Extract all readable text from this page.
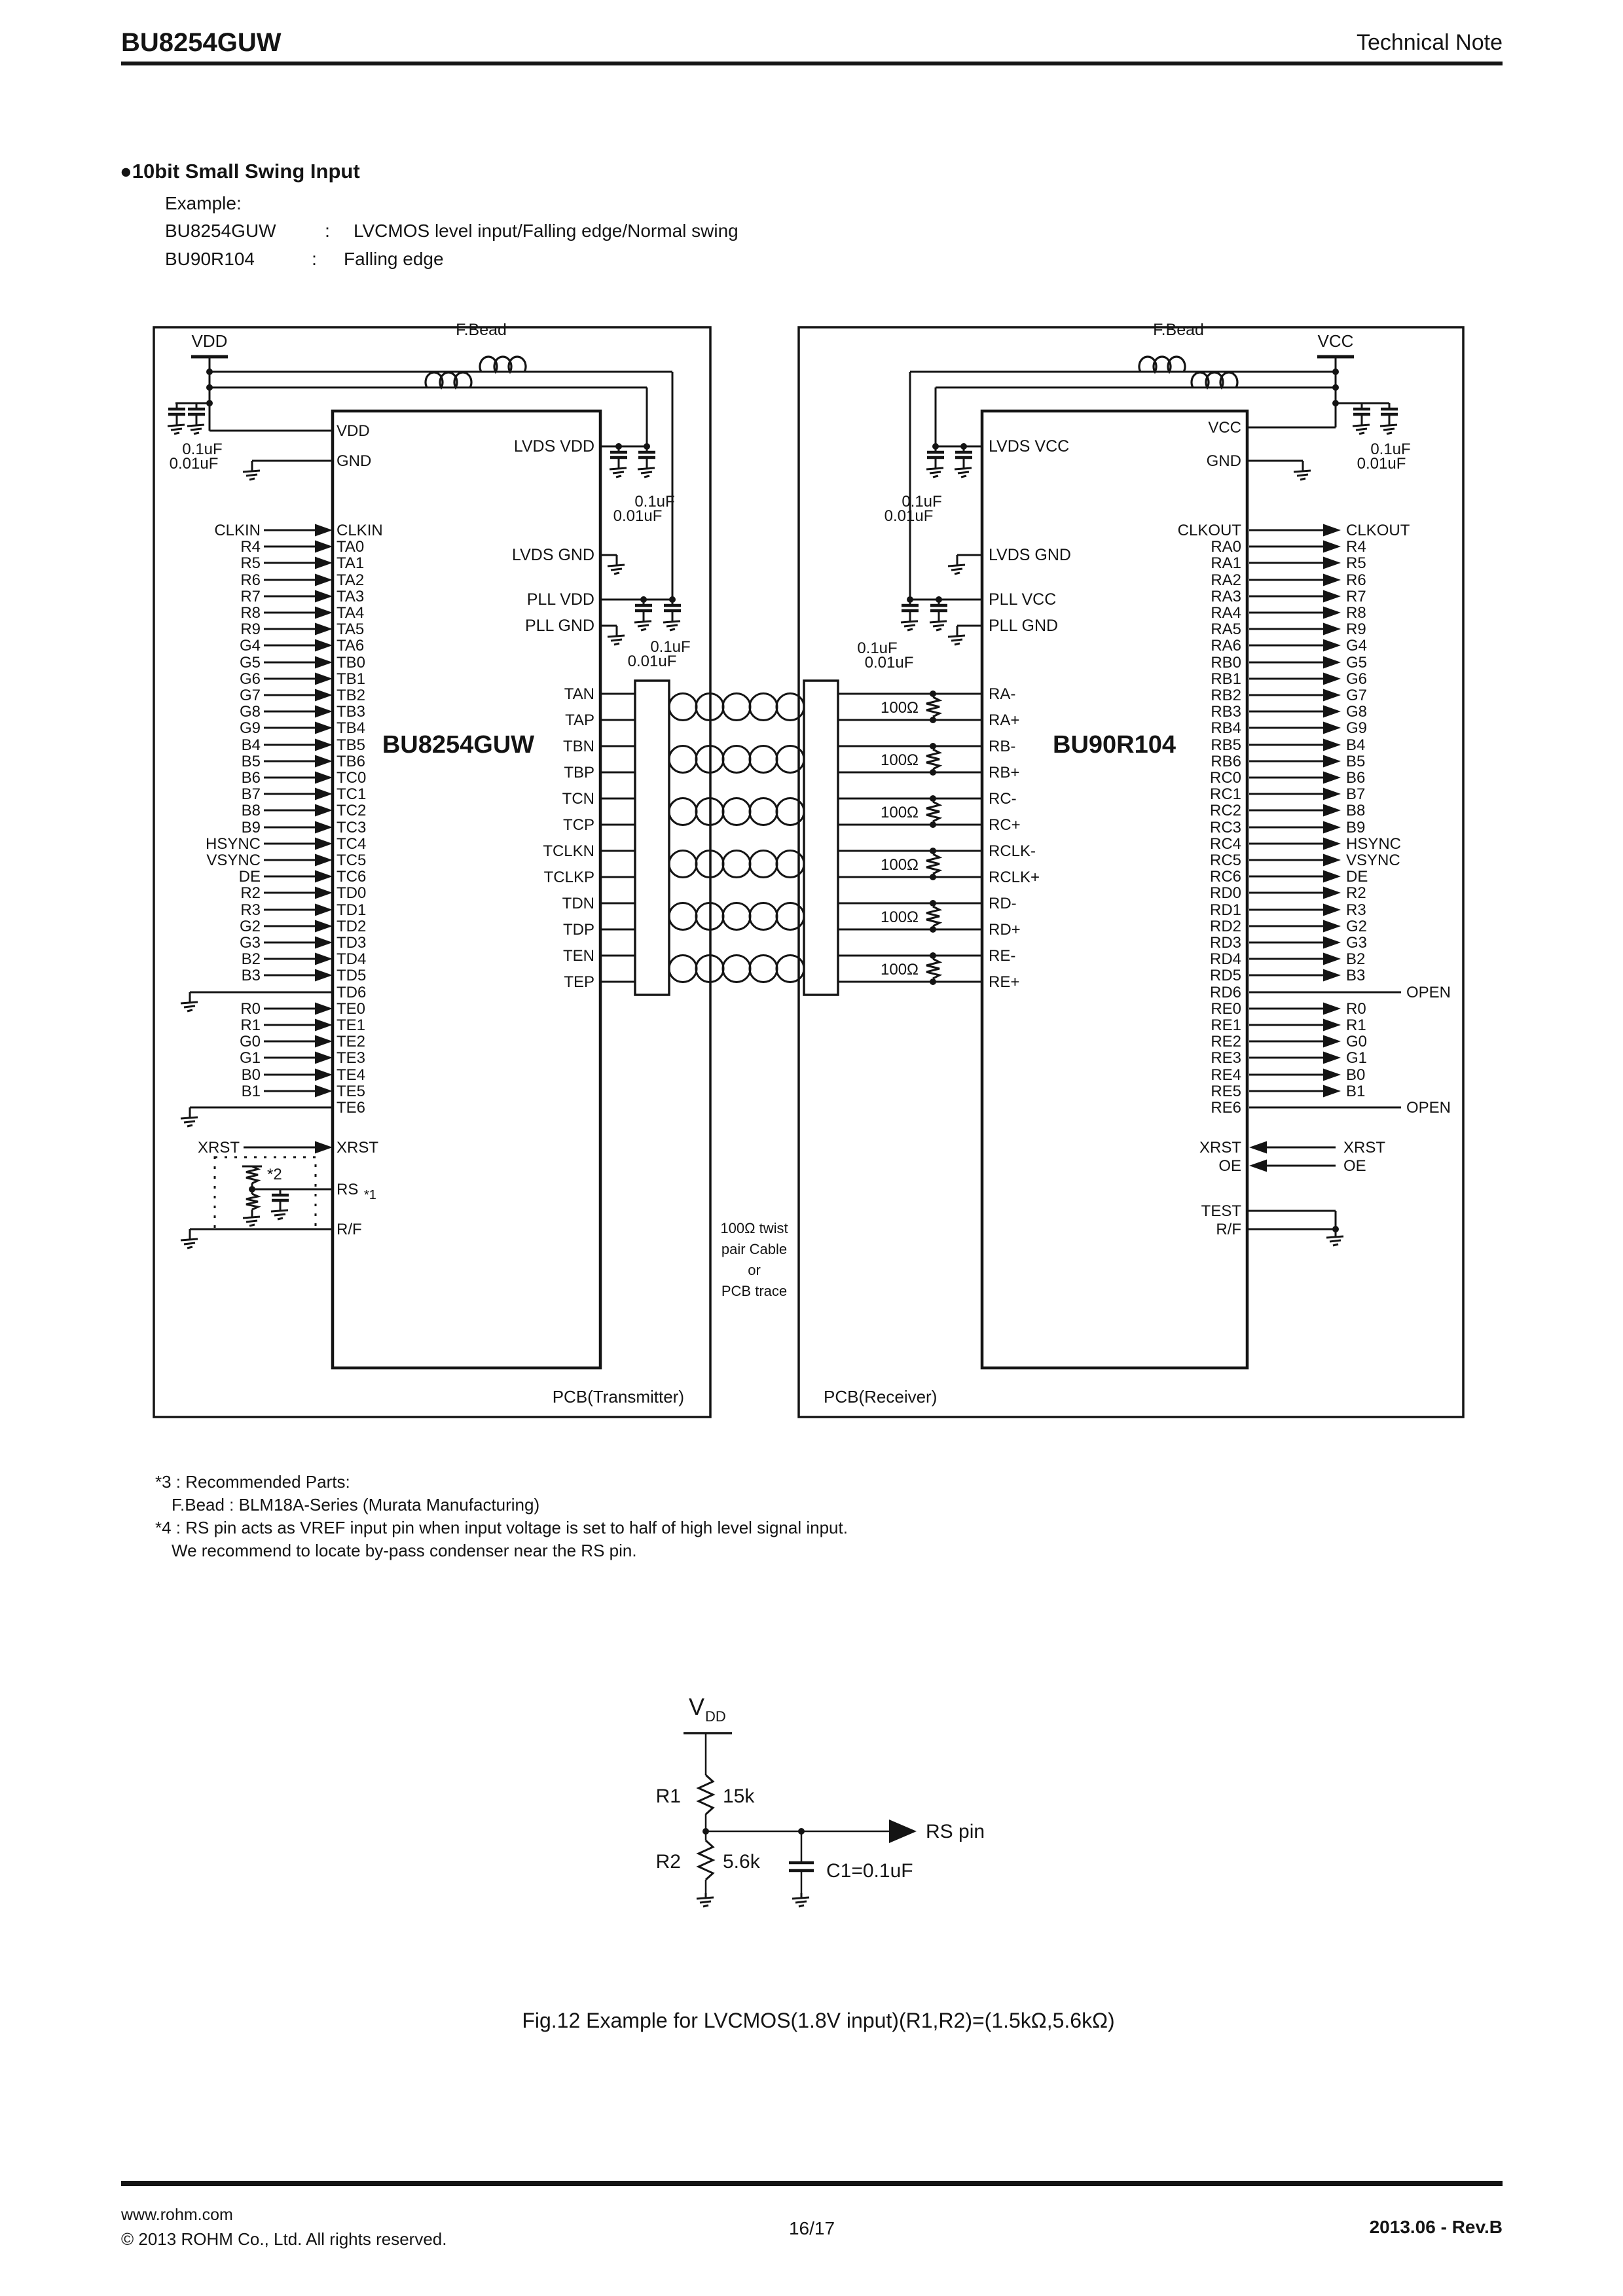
BU8254GUW	Technical Note
●10bit Small Swing Input
Example:
BU8254GUW	: LVCMOS level input/Falling edge/Normal swing
BU90R104	: Falling edge
PCB(Transmitter)	PCB(Receiver)
BU8254GUW	BU90R104
VDD
0.1uF
0.01uF
F.Bead
VDD
GND
LVDS VDD
0.1uF
0.01uF
LVDS GND
PLL VDD
PLL GND
0.1uF
0.01uF
CLKIN	CLKIN
R4	TA0
R5	TA1
R6	TA2
R7	TA3
R8	TA4
R9	TA5
G4	TA6
G5	TB0
G6	TB1
G7	TB2
G8	TB3
G9	TB4
B4	TB5
B5	TB6
B6	TC0
B7	TC1
B8	TC2
B9	TC3
HSYNC	TC4
VSYNC	TC5
DE	TC6
R2	TD0
R3	TD1
G2	TD2
G3	TD3
B2	TD4
B3	TD5
TD6
R0	TE0
R1	TE1
G0	TE2
G1	TE3
B0	TE4
B1	TE5
TE6
XRST	XRST
*2
RS *1
R/F
TAN
TAP
TBN
TBP
TCN
TCP
TCLKN
TCLKP
TDN
TDP
TEN
TEP
100Ω
100Ω
100Ω
100Ω
100Ω
100Ω
RA-
RA+
RB-
RB+
RC-
RC+
RCLK-
RCLK+
RD-
RD+
RE-
RE+
100Ω twist
pair Cable
or
PCB trace
VCC
0.1uF
0.01uF
F.Bead
VCC
GND
LVDS VCC
0.1uF
0.01uF
LVDS GND
PLL VCC
0.1uF
0.01uF
PLL GND
CLKOUT	CLKOUT
RA0	R4
RA1	R5
RA2	R6
RA3	R7
RA4	R8
RA5	R9
RA6	G4
RB0	G5
RB1	G6
RB2	G7
RB3	G8
RB4	G9
RB5	B4
RB6	B5
RC0	B6
RC1	B7
RC2	B8
RC3	B9
RC4	HSYNC
RC5	VSYNC
RC6	DE
RD0	R2
RD1	R3
RD2	G2
RD3	G3
RD4	B2
RD5	B3
RD6	OPEN
RE0	R0
RE1	R1
RE2	G0
RE3	G1
RE4	B0
RE5	B1
RE6	OPEN
XRST	XRST
OE	OE
TEST
R/F
V DD
R1 15k
RS pin
R2 5.6k	C1=0.1uF
*3 : Recommended Parts:
F.Bead : BLM18A-Series (Murata Manufacturing)
*4 : RS pin acts as VREF input pin when input voltage is set to half of high level signal input.
We recommend to locate by-pass condenser near the RS pin.
Fig.12 Example for LVCMOS(1.8V input)(R1,R2)=(1.5kΩ,5.6kΩ)
www.rohm.com
© 2013 ROHM Co., Ltd. All rights reserved.
16/17	2013.06 - Rev.B
